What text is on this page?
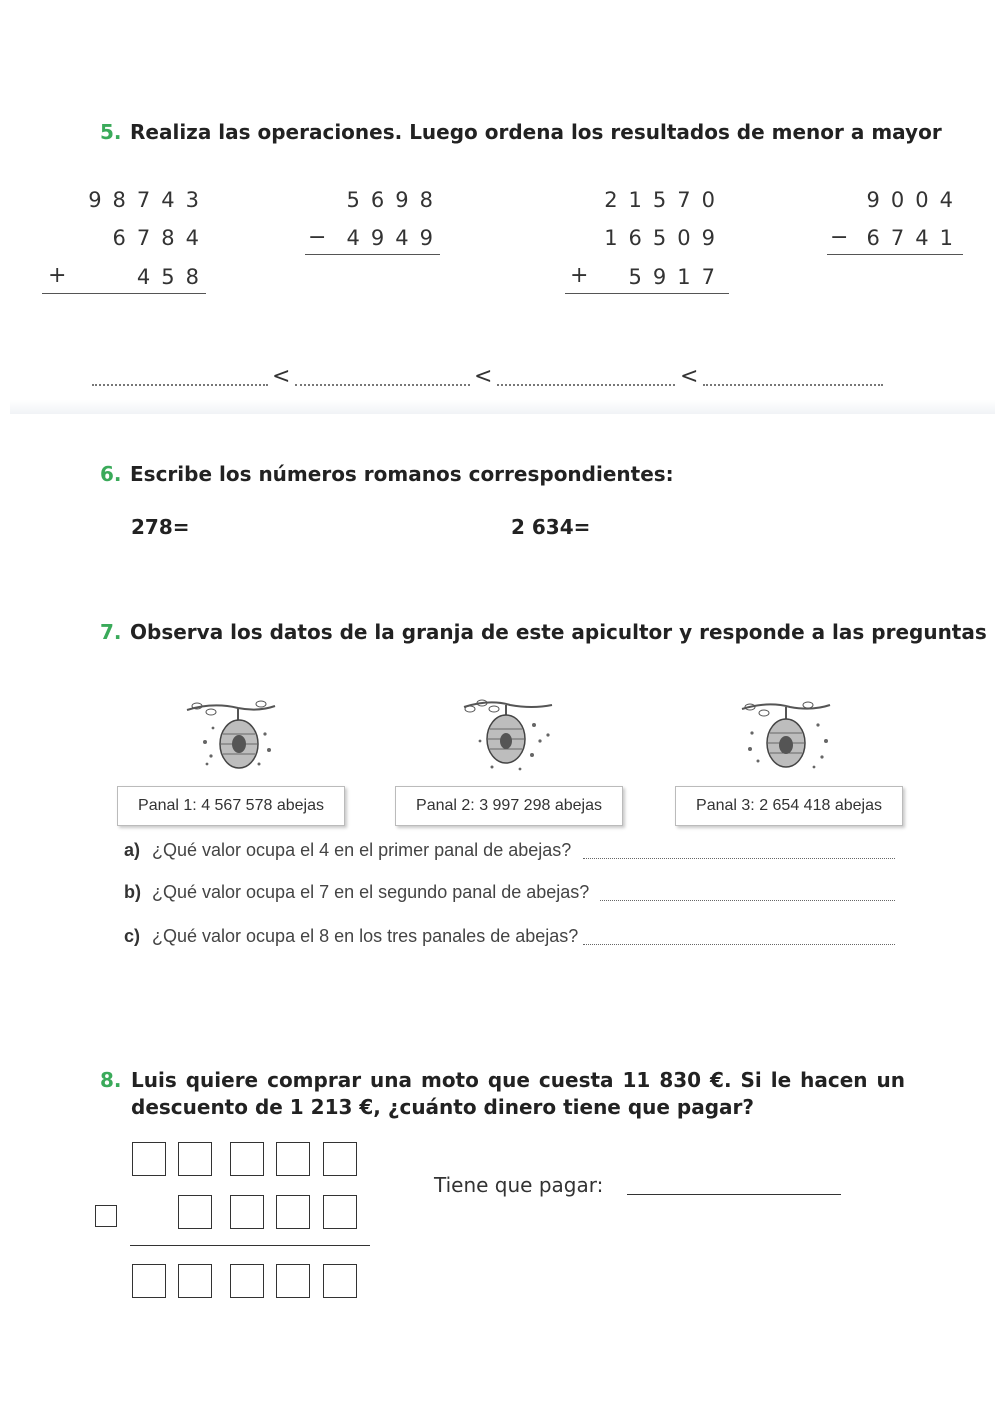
5. Realiza las operaciones. Luego ordena los resultados de menor a mayor
98743
6784
458
+
5698
4949
−
21570
16509
5917
+
9004
6741
−
<	<	<
6. Escribe los números romanos correspondientes:
278=	2 634=
7. Observa los datos de la granja de este apicultor y responde a las preguntas
Panal 1: 4 567 578 abejas	Panal 2: 3 997 298 abejas	Panal 3: 2 654 418 abejas
a) ¿Qué valor ocupa el 4 en el primer panal de abejas?
b) ¿Qué valor ocupa el 7 en el segundo panal de abejas?
c) ¿Qué valor ocupa el 8 en los tres panales de abejas?
8. Luis quiere comprar una moto que cuesta 11 830 €. Si le hacen un descuento de 1 213 €, ¿cuánto dinero tiene que pagar?
Tiene que pagar:
